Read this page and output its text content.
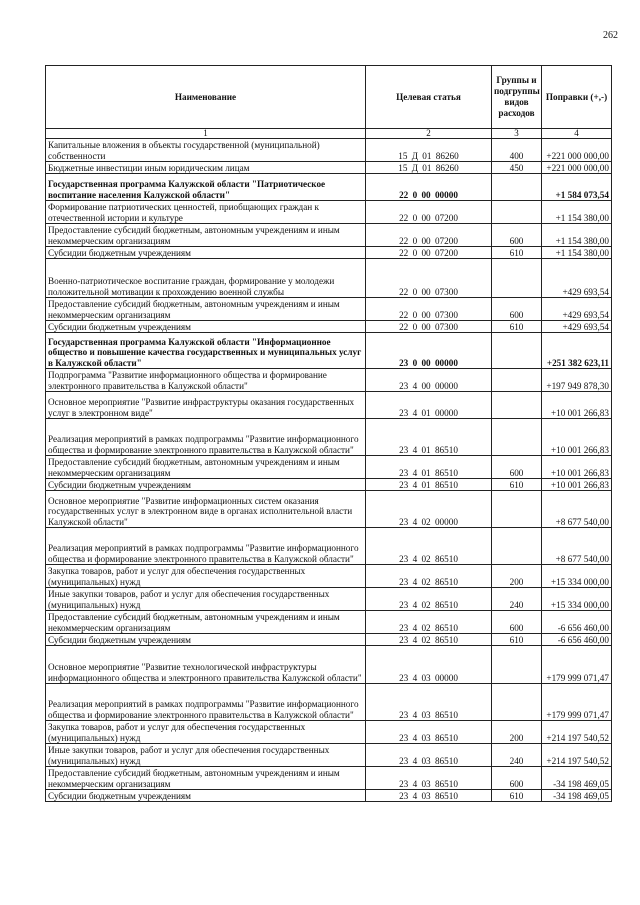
262
Наименование	Целевая статья	Группы и подгруппы видов расходов	Поправки (+,-)
1	2	3	4
Капитальные вложения в объекты государственной (муниципальной) собственности	15 Д 01 86260	400	+221 000 000,00
Бюджетные инвестиции иным юридическим лицам	15 Д 01 86260	450	+221 000 000,00
Государственная программа Калужской области "Патриотическое воспитание населения Калужской области"	22 0 00 00000		+1 584 073,54
Формирование патриотических ценностей, приобщающих граждан к отечественной истории и культуре	22 0 00 07200		+1 154 380,00
Предоставление субсидий бюджетным, автономным учреждениям и иным некоммерческим организациям	22 0 00 07200	600	+1 154 380,00
Субсидии бюджетным учреждениям	22 0 00 07200	610	+1 154 380,00
Военно-патриотическое воспитание граждан, формирование у молодежи положительной мотивации к прохождению военной службы	22 0 00 07300		+429 693,54
Предоставление субсидий бюджетным, автономным учреждениям и иным некоммерческим организациям	22 0 00 07300	600	+429 693,54
Субсидии бюджетным учреждениям	22 0 00 07300	610	+429 693,54
Государственная программа Калужской области "Информационное общество и повышение качества государственных и муниципальных услуг в Калужской области"	23 0 00 00000		+251 382 623,11
Подпрограмма "Развитие информационного общества и формирование электронного правительства в Калужской области"	23 4 00 00000		+197 949 878,30
Основное мероприятие "Развитие инфраструктуры оказания государственных услуг в электронном виде"	23 4 01 00000		+10 001 266,83
Реализация мероприятий в рамках подпрограммы "Развитие информационного общества и формирование электронного правительства в Калужской области"	23 4 01 86510		+10 001 266,83
Предоставление субсидий бюджетным, автономным учреждениям и иным некоммерческим организациям	23 4 01 86510	600	+10 001 266,83
Субсидии бюджетным учреждениям	23 4 01 86510	610	+10 001 266,83
Основное мероприятие "Развитие информационных систем оказания государственных услуг в электронном виде в органах исполнительной власти Калужской области"	23 4 02 00000		+8 677 540,00
Реализация мероприятий в рамках подпрограммы "Развитие информационного общества и формирование электронного правительства в Калужской области"	23 4 02 86510		+8 677 540,00
Закупка товаров, работ и услуг для обеспечения государственных (муниципальных) нужд	23 4 02 86510	200	+15 334 000,00
Иные закупки товаров, работ и услуг для обеспечения государственных (муниципальных) нужд	23 4 02 86510	240	+15 334 000,00
Предоставление субсидий бюджетным, автономным учреждениям и иным некоммерческим организациям	23 4 02 86510	600	-6 656 460,00
Субсидии бюджетным учреждениям	23 4 02 86510	610	-6 656 460,00
Основное мероприятие "Развитие технологической инфраструктуры информационного общества и электронного правительства Калужской области"	23 4 03 00000		+179 999 071,47
Реализация мероприятий в рамках подпрограммы "Развитие информационного общества и формирование электронного правительства в Калужской области"	23 4 03 86510		+179 999 071,47
Закупка товаров, работ и услуг для обеспечения государственных (муниципальных) нужд	23 4 03 86510	200	+214 197 540,52
Иные закупки товаров, работ и услуг для обеспечения государственных (муниципальных) нужд	23 4 03 86510	240	+214 197 540,52
Предоставление субсидий бюджетным, автономным учреждениям и иным некоммерческим организациям	23 4 03 86510	600	-34 198 469,05
Субсидии бюджетным учреждениям	23 4 03 86510	610	-34 198 469,05
